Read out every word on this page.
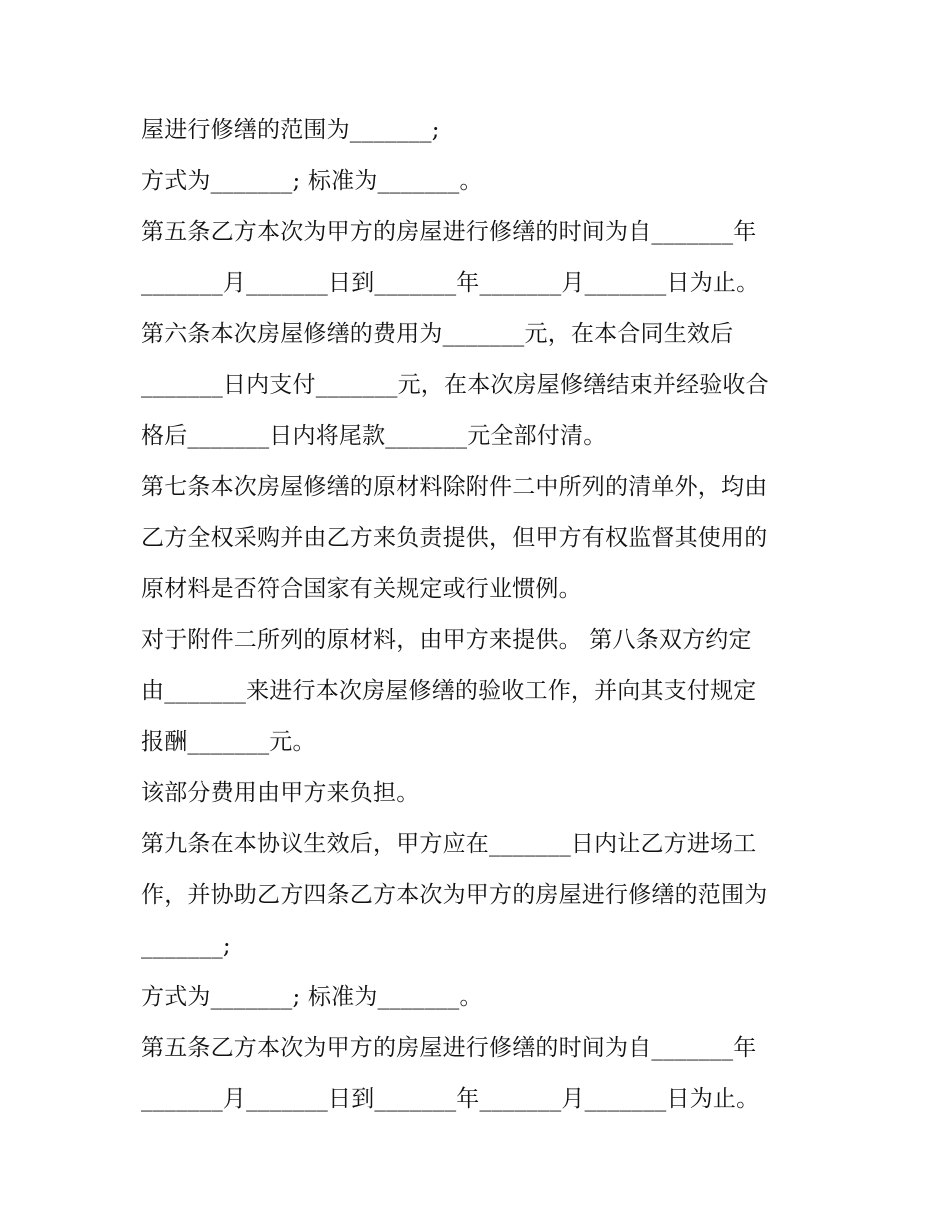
屋进行修缮的范围为_______;

方式为_______; 标准为_______。

第五条乙方本次为甲方的房屋进行修缮的时间为自_______年

_______月_______日到_______年_______月_______日为止。

第六条本次房屋修缮的费用为_______元，在本合同生效后

_______日内支付_______元，在本次房屋修缮结束并经验收合

格后_______日内将尾款_______元全部付清。

第七条本次房屋修缮的原材料除附件二中所列的清单外，均由

乙方全权采购并由乙方来负责提供，但甲方有权监督其使用的

原材料是否符合国家有关规定或行业惯例。

对于附件二所列的原材料，由甲方来提供。 第八条双方约定

由_______来进行本次房屋修缮的验收工作，并向其支付规定

报酬_______元。

该部分费用由甲方来负担。

第九条在本协议生效后，甲方应在_______日内让乙方进场工

作，并协助乙方四条乙方本次为甲方的房屋进行修缮的范围为

_______;

方式为_______; 标准为_______。

第五条乙方本次为甲方的房屋进行修缮的时间为自_______年

_______月_______日到_______年_______月_______日为止。
